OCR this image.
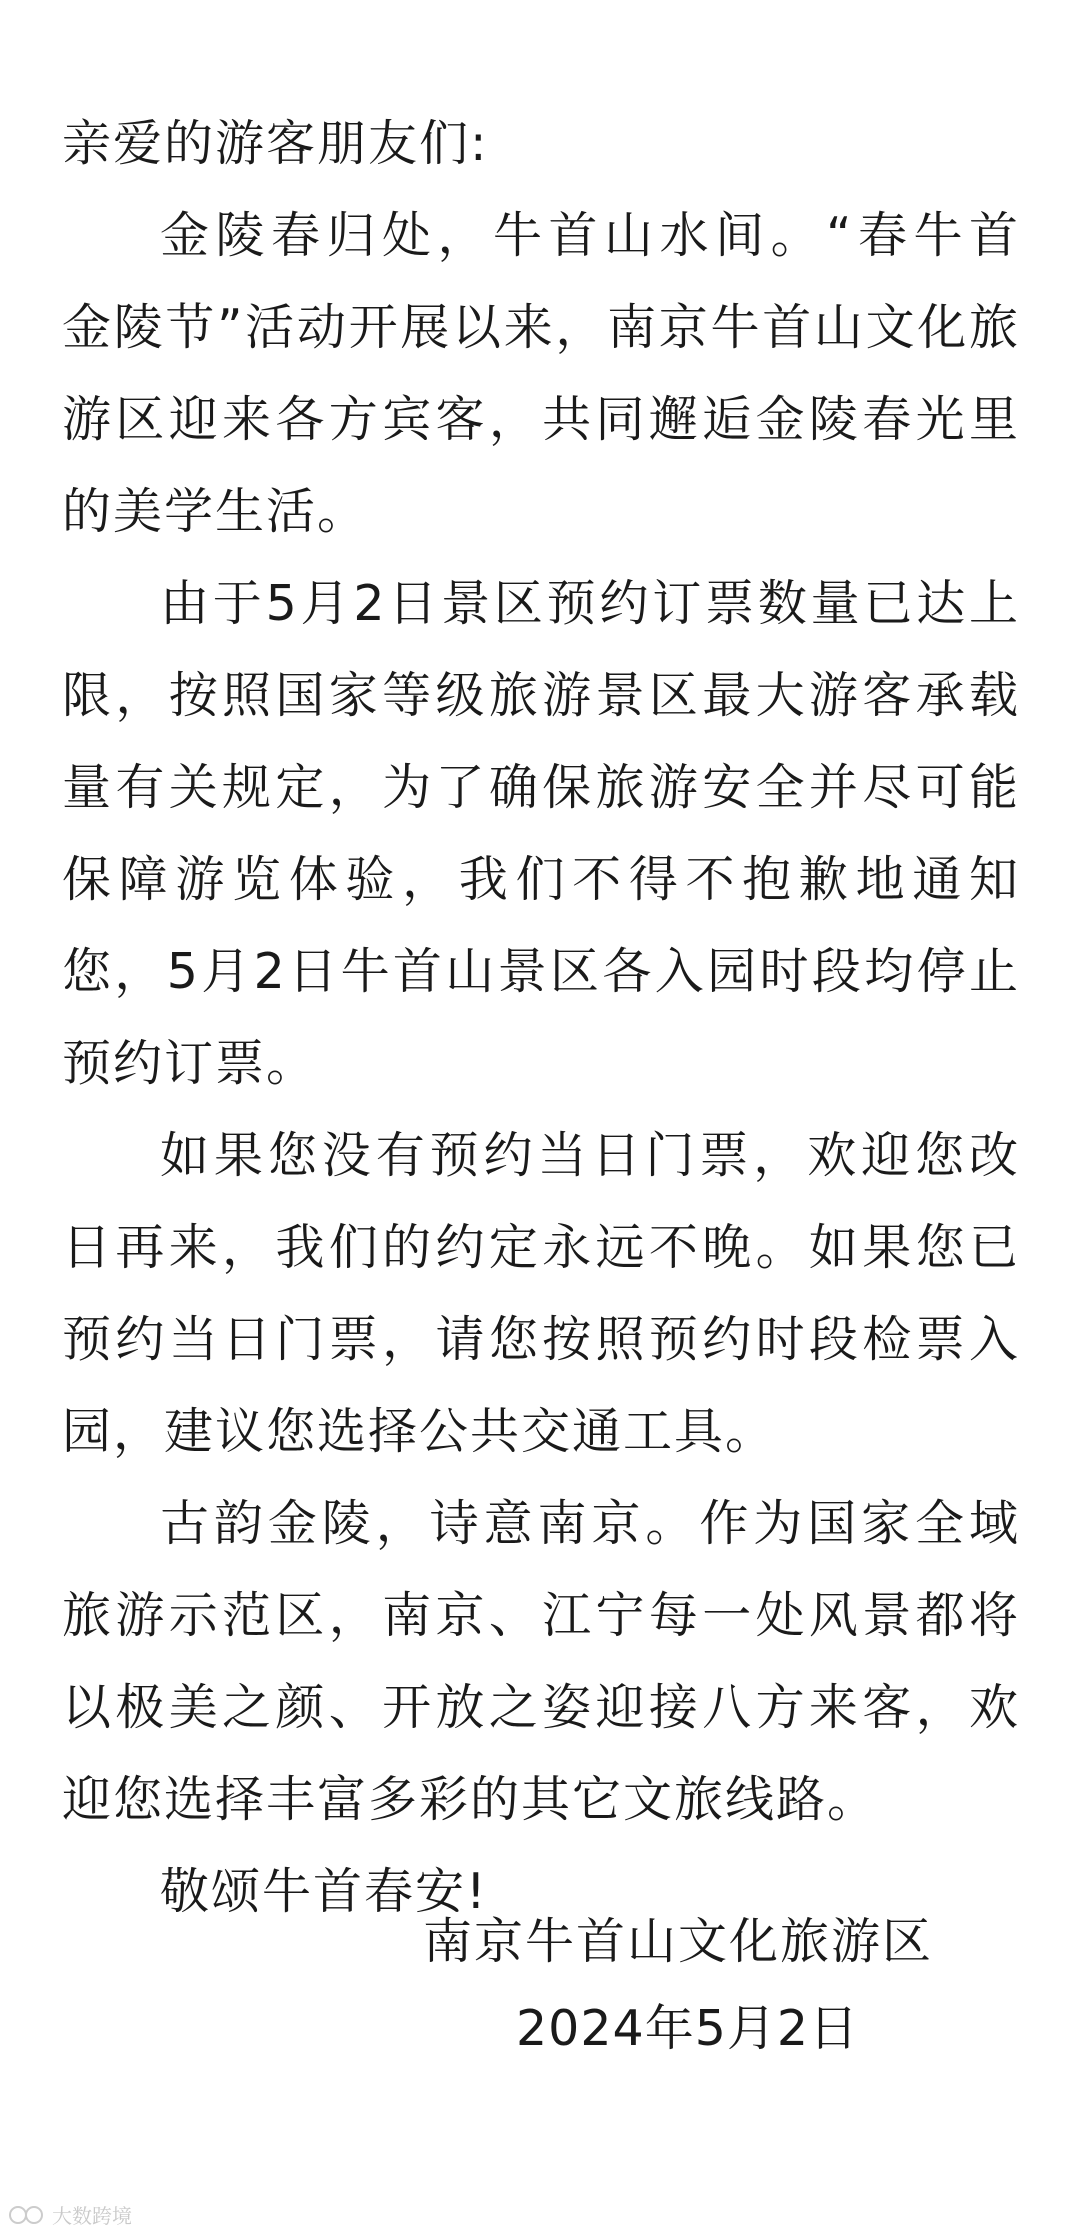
亲爱的游客朋友们:

金陵春归处，牛首山水间。“春牛首 金陵节”活动开展以来，南京牛首山文化旅游区迎来各方宾客，共同邂逅金陵春光里的美学生活。

由于5月2日景区预约订票数量已达上限，按照国家等级旅游景区最大游客承载量有关规定，为了确保旅游安全并尽可能保障游览体验，我们不得不抱歉地通知您，5月2日牛首山景区各入园时段均停止预约订票。

如果您没有预约当日门票，欢迎您改日再来，我们的约定永远不晚。如果您已预约当日门票，请您按照预约时段检票入园，建议您选择公共交通工具。

古韵金陵，诗意南京。作为国家全域旅游示范区，南京、江宁每一处风景都将以极美之颜、开放之姿迎接八方来客，欢迎您选择丰富多彩的其它文旅线路。

敬颂牛首春安!

南京牛首山文化旅游区
2024年5月2日
大数跨境
